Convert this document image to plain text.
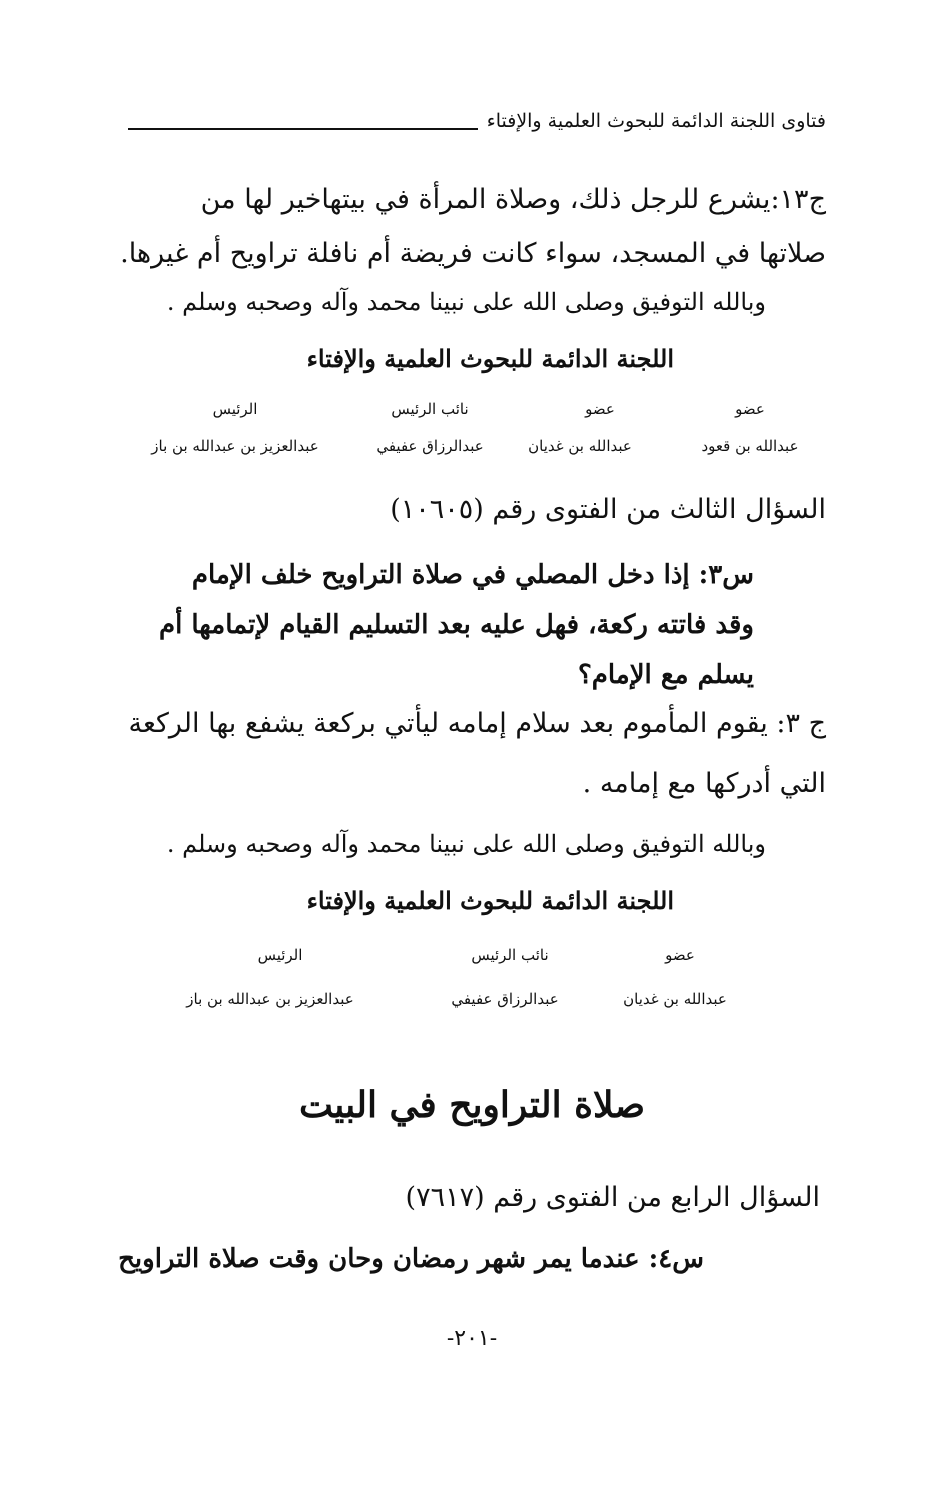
فتاوى اللجنة الدائمة للبحوث العلمية والإفتاء
ج١٣:يشرع للرجل ذلك، وصلاة المرأة في بيتهاخير لها من
صلاتها في المسجد، سواء كانت فريضة أم نافلة تراويح أم غيرها.
وبالله التوفيق وصلى الله على نبينا محمد وآله وصحبه وسلم .
اللجنة الدائمة للبحوث العلمية والإفتاء
عضو
عبدالله بن قعود
عضو
عبدالله بن غديان
نائب الرئيس
عبدالرزاق عفيفي
الرئيس
عبدالعزيز بن عبدالله بن باز
السؤال الثالث من الفتوى رقم (١٠٦٠٥)
س٣: إذا دخل المصلي في صلاة التراويح خلف الإمام
وقد فاتته ركعة، فهل عليه بعد التسليم القيام لإتمامها أم
يسلم مع الإمام؟
ج ٣: يقوم المأموم بعد سلام إمامه ليأتي بركعة يشفع بها الركعة
التي أدركها مع إمامه .
وبالله التوفيق وصلى الله على نبينا محمد وآله وصحبه وسلم .
اللجنة الدائمة للبحوث العلمية والإفتاء
عضو
عبدالله بن غديان
نائب الرئيس
عبدالرزاق عفيفي
الرئيس
عبدالعزيز بن عبدالله بن باز
صلاة التراويح في البيت
السؤال الرابع من الفتوى رقم (٧٦١٧)
س٤: عندما يمر شهر رمضان وحان وقت صلاة التراويح
-٢٠١-
